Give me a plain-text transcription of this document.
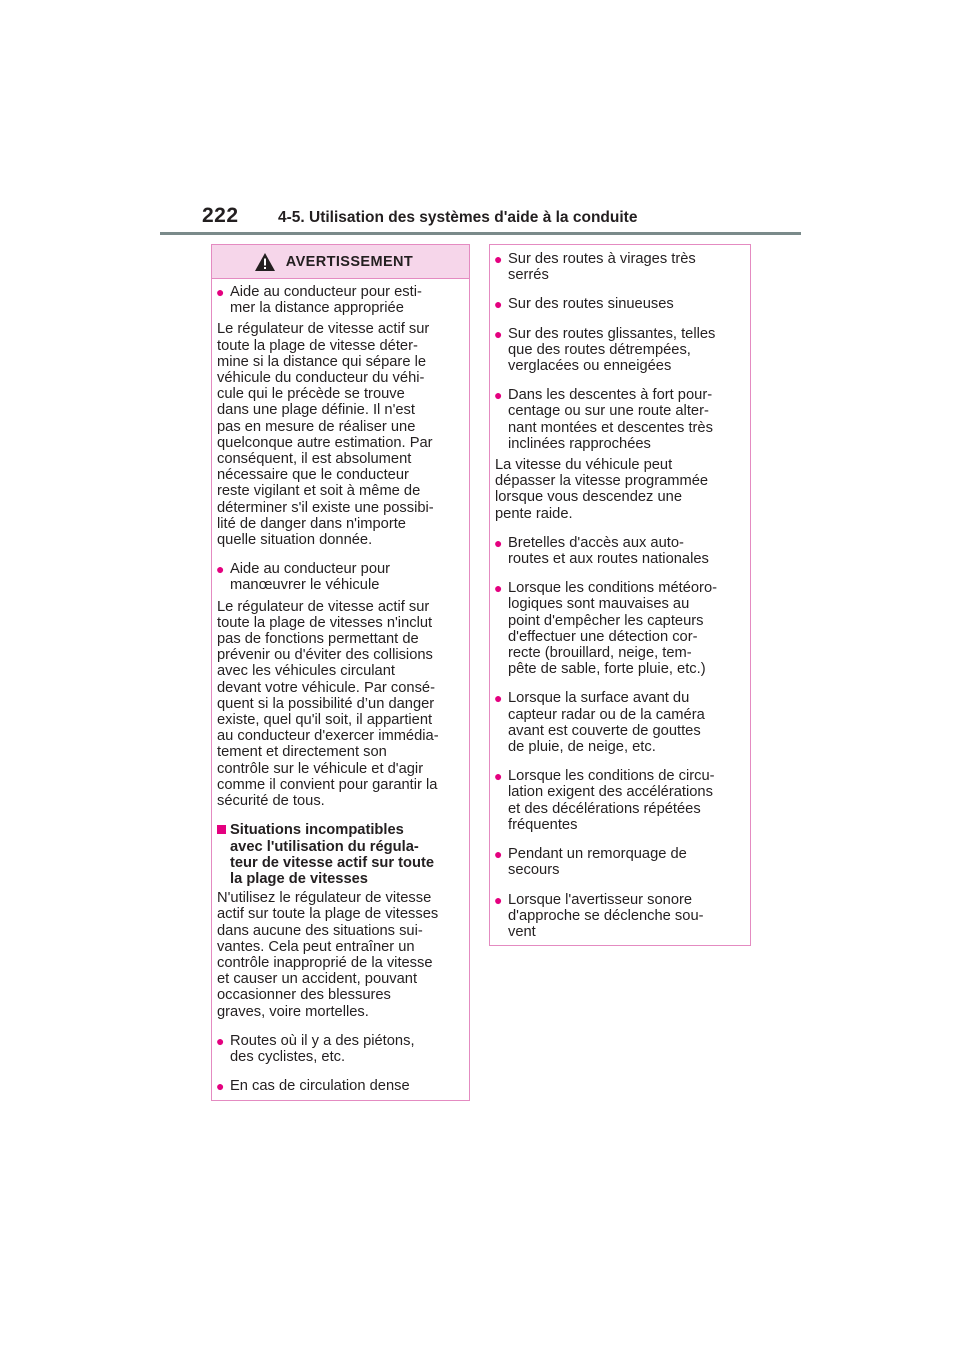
222	4-5. Utilisation des systèmes d'aide à la conduite
AVERTISSEMENT
● Aide au conducteur pour esti-
mer la distance appropriée
Le régulateur de vitesse actif sur
toute la plage de vitesse déter-
mine si la distance qui sépare le
véhicule du conducteur du véhi-
cule qui le précède se trouve
dans une plage définie. Il n'est
pas en mesure de réaliser une
quelconque autre estimation. Par
conséquent, il est absolument
nécessaire que le conducteur
reste vigilant et soit à même de
déterminer s'il existe une possibi-
lité de danger dans n'importe
quelle situation donnée.
● Aide au conducteur pour
manœuvrer le véhicule
Le régulateur de vitesse actif sur
toute la plage de vitesses n'inclut
pas de fonctions permettant de
prévenir ou d'éviter des collisions
avec les véhicules circulant
devant votre véhicule. Par consé-
quent si la possibilité d’un danger
existe, quel qu'il soit, il appartient
au conducteur d'exercer immédia-
tement et directement son
contrôle sur le véhicule et d'agir
comme il convient pour garantir la
sécurité de tous.
Situations incompatibles
avec l'utilisation du régula-
teur de vitesse actif sur toute
la plage de vitesses
N'utilisez le régulateur de vitesse
actif sur toute la plage de vitesses
dans aucune des situations sui-
vantes. Cela peut entraîner un
contrôle inapproprié de la vitesse
et causer un accident, pouvant
occasionner des blessures
graves, voire mortelles.
● Routes où il y a des piétons,
des cyclistes, etc.
● En cas de circulation dense
● Sur des routes à virages très
serrés
● Sur des routes sinueuses
● Sur des routes glissantes, telles
que des routes détrempées,
verglacées ou enneigées
● Dans les descentes à fort pour-
centage ou sur une route alter-
nant montées et descentes très
inclinées rapprochées
La vitesse du véhicule peut
dépasser la vitesse programmée
lorsque vous descendez une
pente raide.
● Bretelles d'accès aux auto-
routes et aux routes nationales
● Lorsque les conditions météoro-
logiques sont mauvaises au
point d'empêcher les capteurs
d'effectuer une détection cor-
recte (brouillard, neige, tem-
pête de sable, forte pluie, etc.)
● Lorsque la surface avant du
capteur radar ou de la caméra
avant est couverte de gouttes
de pluie, de neige, etc.
● Lorsque les conditions de circu-
lation exigent des accélérations
et des décélérations répétées
fréquentes
● Pendant un remorquage de
secours
● Lorsque l'avertisseur sonore
d'approche se déclenche sou-
vent
